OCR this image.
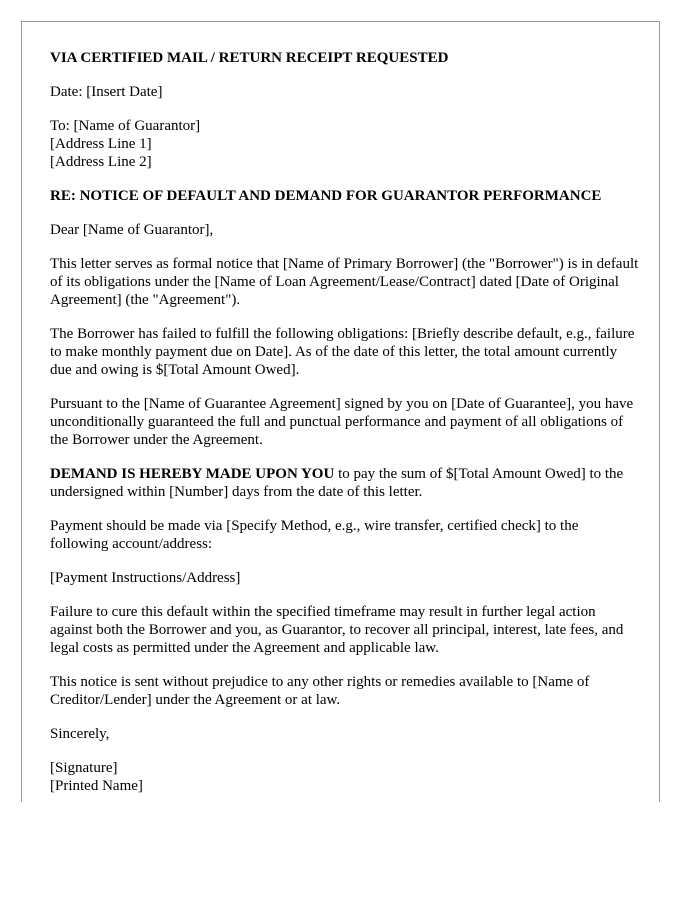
VIA CERTIFIED MAIL / RETURN RECEIPT REQUESTED

Date: [Insert Date]

To: [Name of Guarantor]
[Address Line 1]
[Address Line 2]

RE: NOTICE OF DEFAULT AND DEMAND FOR GUARANTOR PERFORMANCE

Dear [Name of Guarantor],

This letter serves as formal notice that [Name of Primary Borrower] (the "Borrower") is in default of its obligations under the [Name of Loan Agreement/Lease/Contract] dated [Date of Original Agreement] (the "Agreement").

The Borrower has failed to fulfill the following obligations: [Briefly describe default, e.g., failure to make monthly payment due on Date]. As of the date of this letter, the total amount currently due and owing is $[Total Amount Owed].

Pursuant to the [Name of Guarantee Agreement] signed by you on [Date of Guarantee], you have unconditionally guaranteed the full and punctual performance and payment of all obligations of the Borrower under the Agreement.

DEMAND IS HEREBY MADE UPON YOU to pay the sum of $[Total Amount Owed] to the undersigned within [Number] days from the date of this letter.

Payment should be made via [Specify Method, e.g., wire transfer, certified check] to the following account/address:

[Payment Instructions/Address]

Failure to cure this default within the specified timeframe may result in further legal action against both the Borrower and you, as Guarantor, to recover all principal, interest, late fees, and legal costs as permitted under the Agreement and applicable law.

This notice is sent without prejudice to any other rights or remedies available to [Name of Creditor/Lender] under the Agreement or at law.

Sincerely,

[Signature]
[Printed Name]
